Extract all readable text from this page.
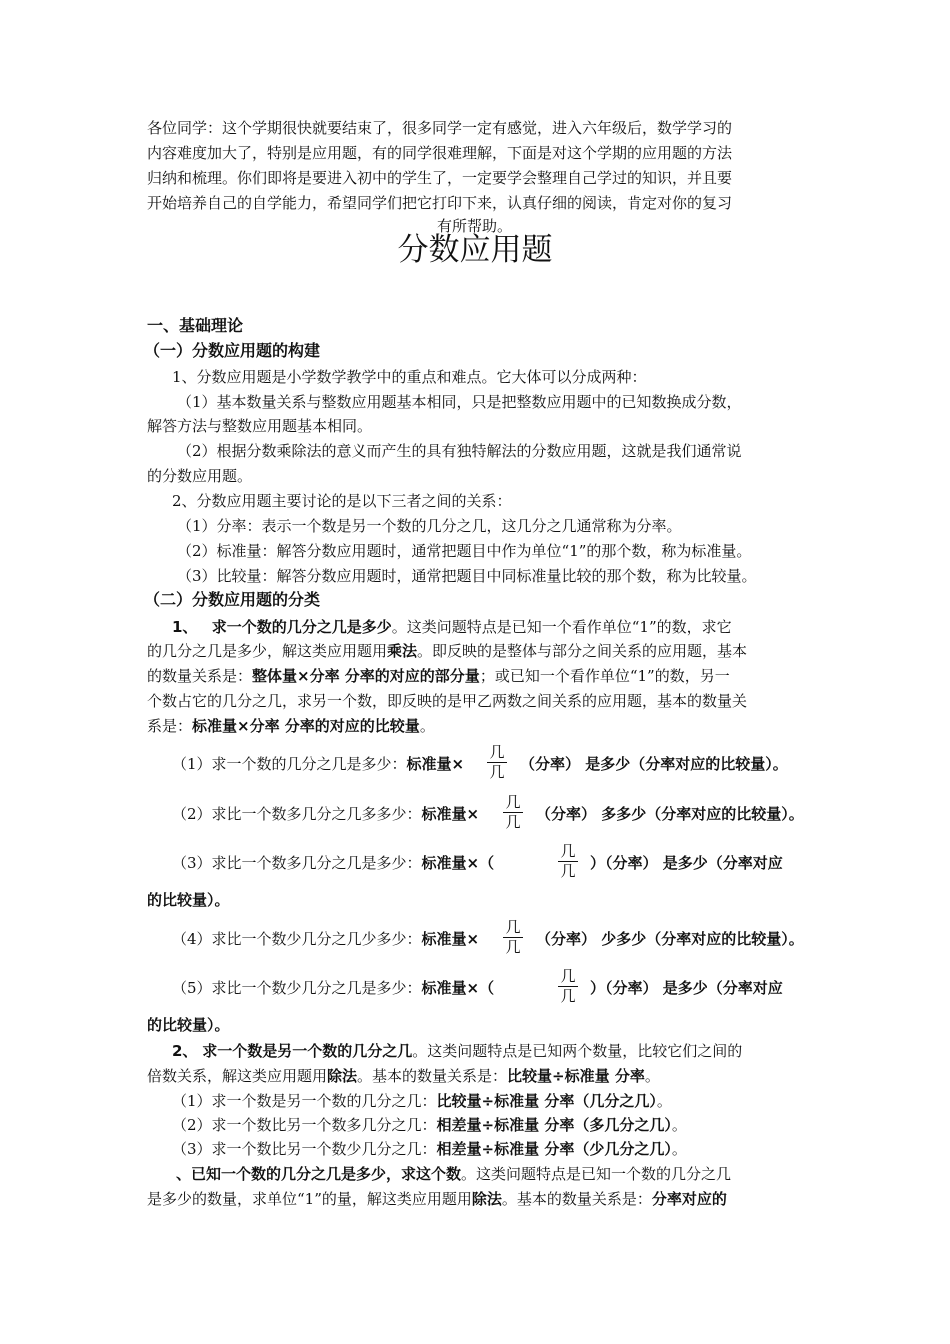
各位同学：这个学期很快就要结束了，很多同学一定有感觉，进入六年级后，数学学习的
内容难度加大了，特别是应用题，有的同学很难理解，下面是对这个学期的应用题的方法
归纳和梳理。你们即将是要进入初中的学生了，一定要学会整理自己学过的知识，并且要
开始培养自己的自学能力，希望同学们把它打印下来，认真仔细的阅读，肯定对你的复习
有所帮助。
分数应用题
一、基础理论
（一）分数应用题的构建
1、分数应用题是小学数学教学中的重点和难点。它大体可以分成两种：
（1）基本数量关系与整数应用题基本相同，只是把整数应用题中的已知数换成分数，
解答方法与整数应用题基本相同。
（2）根据分数乘除法的意义而产生的具有独特解法的分数应用题，这就是我们通常说
的分数应用题。
2、分数应用题主要讨论的是以下三者之间的关系：
（1）分率：表示一个数是另一个数的几分之几，这几分之几通常称为分率。
（2）标准量：解答分数应用题时，通常把题目中作为单位“1”的那个数，称为标准量。
（3）比较量：解答分数应用题时，通常把题目中同标准量比较的那个数，称为比较量。
（二）分数应用题的分类
1、 求一个数的几分之几是多少。这类问题特点是已知一个看作单位“1”的数，求它
的几分之几是多少，解这类应用题用乘法。即反映的是整体与部分之间关系的应用题，基本
的数量关系是：整体量×分率 分率的对应的部分量；或已知一个看作单位“1”的数，另一
个数占它的几分之几，求另一个数，即反映的是甲乙两数之间关系的应用题，基本的数量关
系是：标准量×分率 分率的对应的比较量。
（1）求一个数的几分之几是多少：标准量×
几
几 （分率） 是多少（分率对应的比较量）。
（2）求比一个数多几分之几多多少：标准量×
几
几 （分率） 多多少（分率对应的比较量）。
（3）求比一个数多几分之几是多少：标准量×（
几
几 ）（分率） 是多少（分率对应
的比较量）。
（4）求比一个数少几分之几少多少：标准量×
几
几 （分率） 少多少（分率对应的比较量）。
（5）求比一个数少几分之几是多少：标准量×（
几
几 ）（分率） 是多少（分率对应
的比较量）。
2、 求一个数是另一个数的几分之几。这类问题特点是已知两个数量，比较它们之间的
倍数关系，解这类应用题用除法。基本的数量关系是：比较量÷标准量 分率。
（1）求一个数是另一个数的几分之几：比较量÷标准量 分率（几分之几）。
（2）求一个数比另一个数多几分之几：相差量÷标准量 分率（多几分之几）。
（3）求一个数比另一个数少几分之几：相差量÷标准量 分率（少几分之几）。
、已知一个数的几分之几是多少，求这个数。这类问题特点是已知一个数的几分之几
是多少的数量，求单位“1”的量，解这类应用题用除法。基本的数量关系是：分率对应的
